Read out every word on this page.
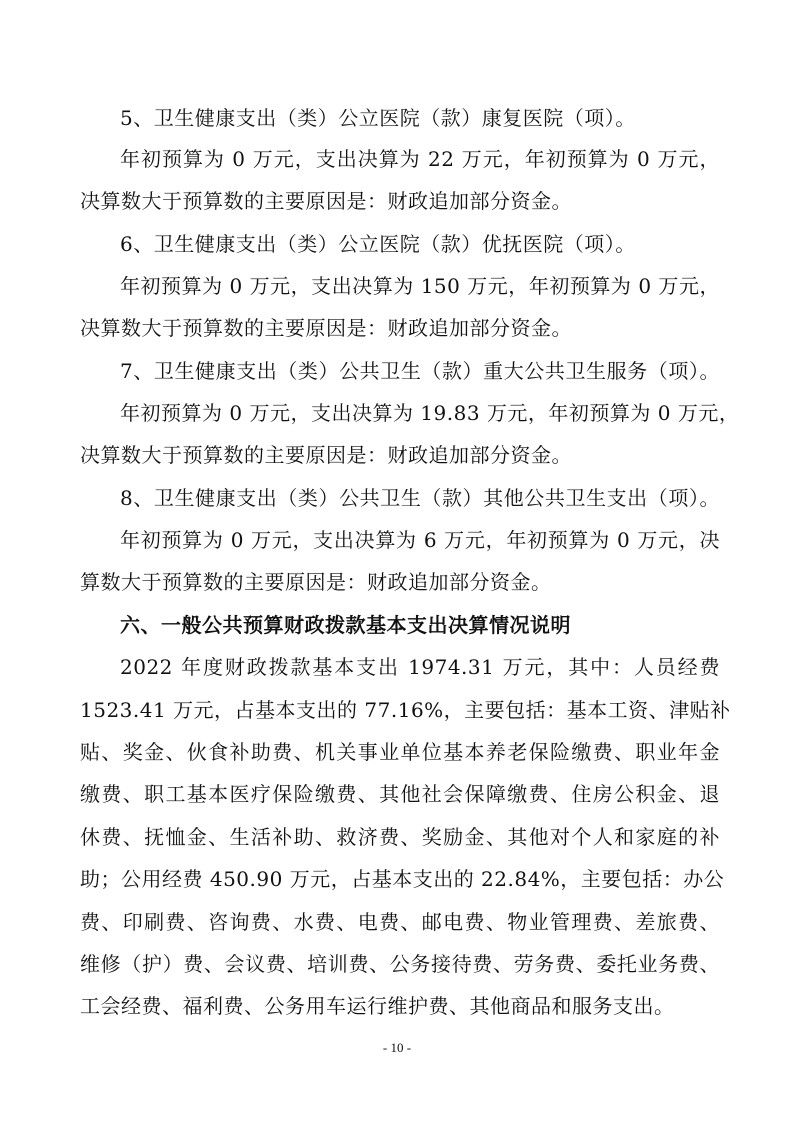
5、卫生健康支出（类）公立医院（款）康复医院（项）。
年初预算为 0 万元，支出决算为 22 万元，年初预算为 0 万元，
决算数大于预算数的主要原因是：财政追加部分资金。
6、卫生健康支出（类）公立医院（款）优抚医院（项）。
年初预算为 0 万元，支出决算为 150 万元，年初预算为 0 万元，
决算数大于预算数的主要原因是：财政追加部分资金。
7、卫生健康支出（类）公共卫生（款）重大公共卫生服务（项）。
年初预算为 0 万元，支出决算为 19.83 万元，年初预算为 0 万元，
决算数大于预算数的主要原因是：财政追加部分资金。
8、卫生健康支出（类）公共卫生（款）其他公共卫生支出（项）。
年初预算为 0 万元，支出决算为 6 万元，年初预算为 0 万元，决
算数大于预算数的主要原因是：财政追加部分资金。
六、一般公共预算财政拨款基本支出决算情况说明
2022 年度财政拨款基本支出 1974.31 万元，其中：人员经费
1523.41 万元，占基本支出的 77.16%，主要包括：基本工资、津贴补
贴、奖金、伙食补助费、机关事业单位基本养老保险缴费、职业年金
缴费、职工基本医疗保险缴费、其他社会保障缴费、住房公积金、退
休费、抚恤金、生活补助、救济费、奖励金、其他对个人和家庭的补
助；公用经费 450.90 万元，占基本支出的 22.84%，主要包括：办公
费、印刷费、咨询费、水费、电费、邮电费、物业管理费、差旅费、
维修（护）费、会议费、培训费、公务接待费、劳务费、委托业务费、
工会经费、福利费、公务用车运行维护费、其他商品和服务支出。
- 10 -
